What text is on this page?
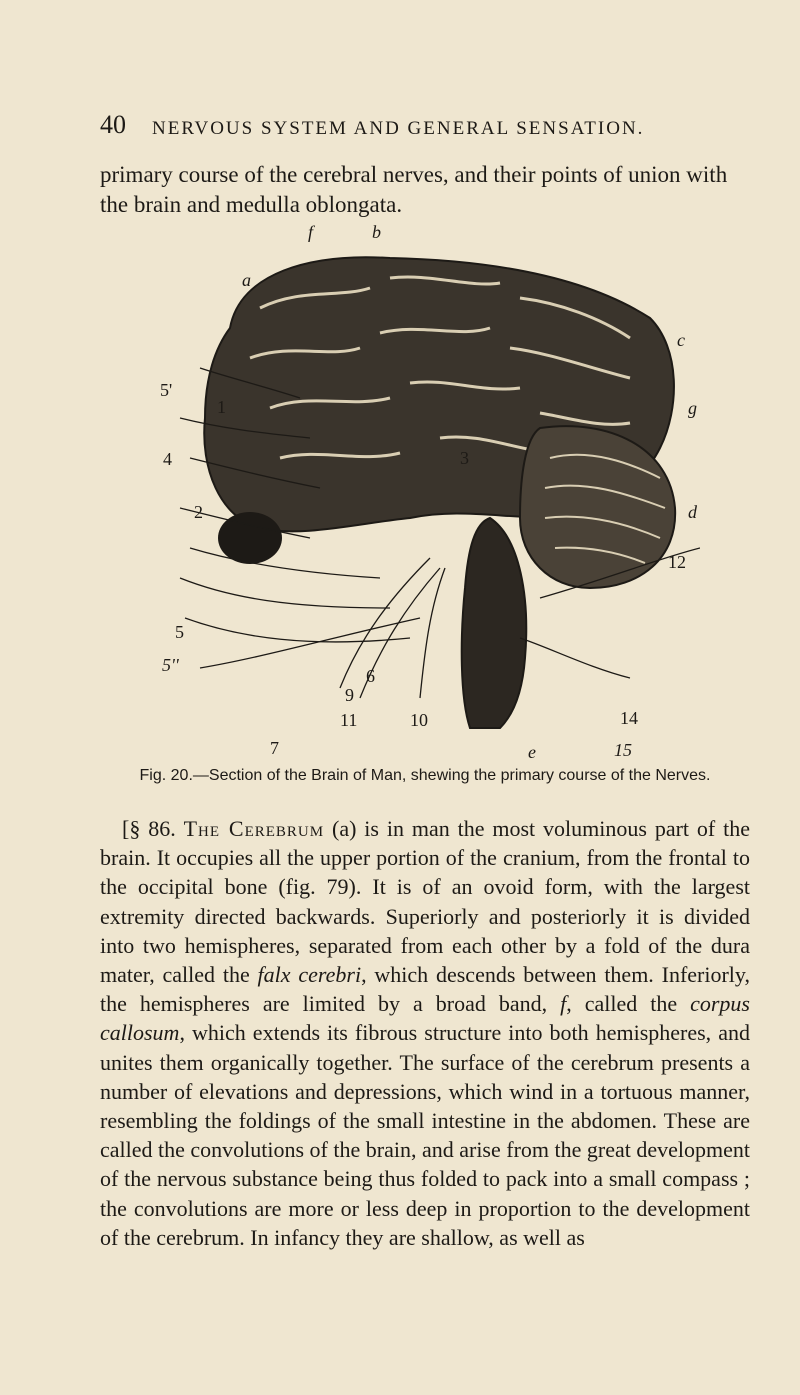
40 NERVOUS SYSTEM AND GENERAL SENSATION.
primary course of the cerebral nerves, and their points of union with the brain and medulla oblongata.
f	b
a
c
g
d
5'
1
4
2
5
5''
3
6
9
11	10
7	e
12
14
15
Fig. 20.—Section of the Brain of Man, shewing the primary course of the Nerves.

[§ 86. The Cerebrum (a) is in man the most voluminous part of the brain. It occupies all the upper portion of the cranium, from the frontal to the occipital bone (fig. 79). It is of an ovoid form, with the largest extremity directed backwards. Superiorly and posteriorly it is divided into two hemispheres, separated from each other by a fold of the dura mater, called the falx cerebri, which descends between them. Inferiorly, the hemispheres are limited by a broad band, f, called the corpus callosum, which extends its fibrous structure into both hemispheres, and unites them organically together. The surface of the cerebrum presents a number of elevations and depressions, which wind in a tortuous manner, resembling the foldings of the small intestine in the abdomen. These are called the convolutions of the brain, and arise from the great development of the nervous substance being thus folded to pack into a small compass ; the convolutions are more or less deep in proportion to the development of the cerebrum. In infancy they are shallow, as well as
